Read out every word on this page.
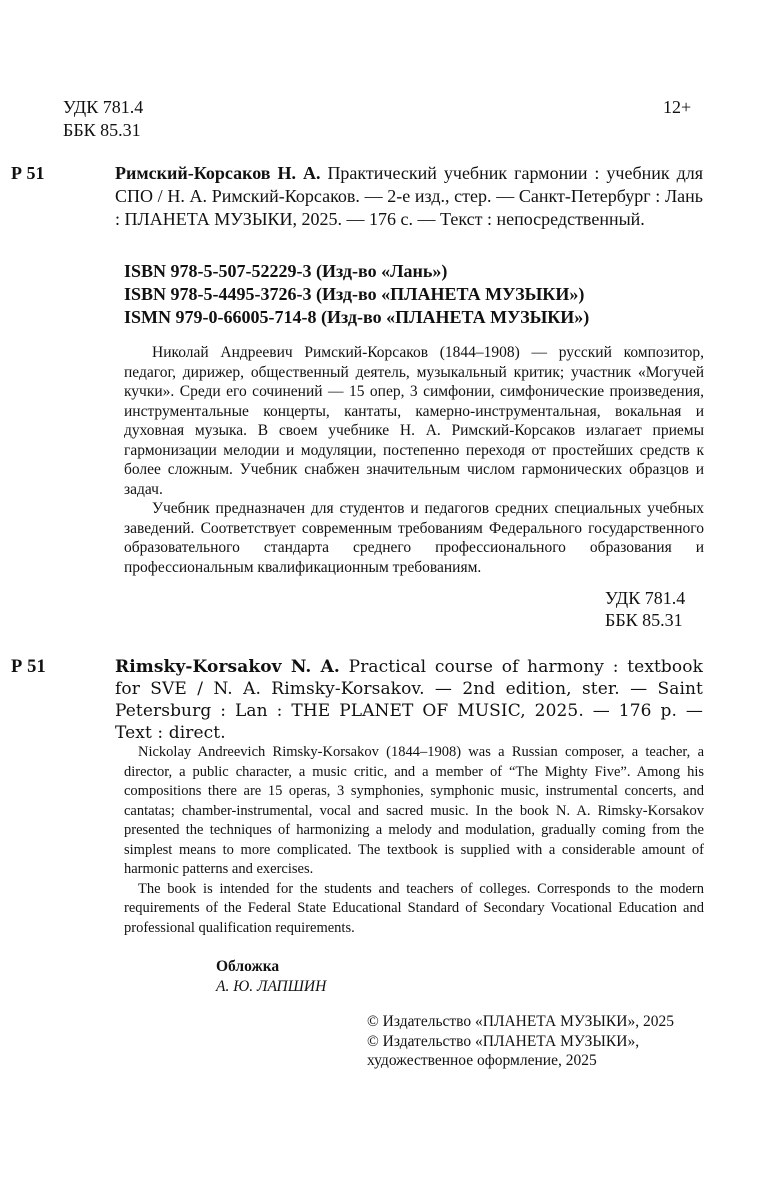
УДК 781.4
ББК 85.31
12+
Р 51	Римский-Корсаков Н. А. Практический учебник гармонии : учебник для СПО / Н. А. Римский-Корсаков. — 2-е изд., стер. — Санкт-Петербург : Лань : ПЛАНЕТА МУЗЫКИ, 2025. — 176 с. — Текст : непосредственный.
ISBN 978-5-507-52229-3 (Изд-во «Лань»)
ISBN 978-5-4495-3726-3 (Изд-во «ПЛАНЕТА МУЗЫКИ»)
ISMN 979-0-66005-714-8 (Изд-во «ПЛАНЕТА МУЗЫКИ»)

Николай Андреевич Римский-Корсаков (1844–1908) — русский композитор, педагог, дирижер, общественный деятель, музыкальный критик; участник «Могучей кучки». Среди его сочинений — 15 опер, 3 симфонии, симфонические произведения, инструментальные концерты, кантаты, камерно-инструментальная, вокальная и духовная музыка. В своем учебнике Н. А. Римский-Корсаков излагает приемы гармонизации мелодии и модуляции, постепенно переходя от простейших средств к более сложным. Учебник снабжен значительным числом гармонических образцов и задач.

Учебник предназначен для студентов и педагогов средних специальных учебных заведений. Соответствует современным требованиям Федерального государственного образовательного стандарта среднего профессионального образования и профессиональным квалификационным требованиям.

УДК 781.4
ББК 85.31
Р 51	Rimsky-Korsakov N. A. Practical course of harmony : textbook for SVE / N. A. Rimsky-Korsakov. — 2nd edition, ster. — Saint Petersburg : Lan : THE PLANET OF MUSIC, 2025. — 176 p. — Text : direct.

Nickolay Andreevich Rimsky-Korsakov (1844–1908) was a Russian composer, a teacher, a director, a public character, a music critic, and a member of “The Mighty Five”. Among his compositions there are 15 operas, 3 symphonies, symphonic music, instrumental concerts, and cantatas; chamber-instrumental, vocal and sacred music. In the book N. A. Rimsky-Korsakov presented the techniques of harmonizing a melody and modulation, gradually coming from the simplest means to more complicated. The textbook is supplied with a considerable amount of harmonic patterns and exercises.

The book is intended for the students and teachers of colleges. Corresponds to the modern requirements of the Federal State Educational Standard of Secondary Vocational Education and professional qualification requirements.

Обложка
А. Ю. ЛАПШИН
© Издательство «ПЛАНЕТА МУЗЫКИ», 2025
© Издательство «ПЛАНЕТА МУЗЫКИ»,
художественное оформление, 2025
